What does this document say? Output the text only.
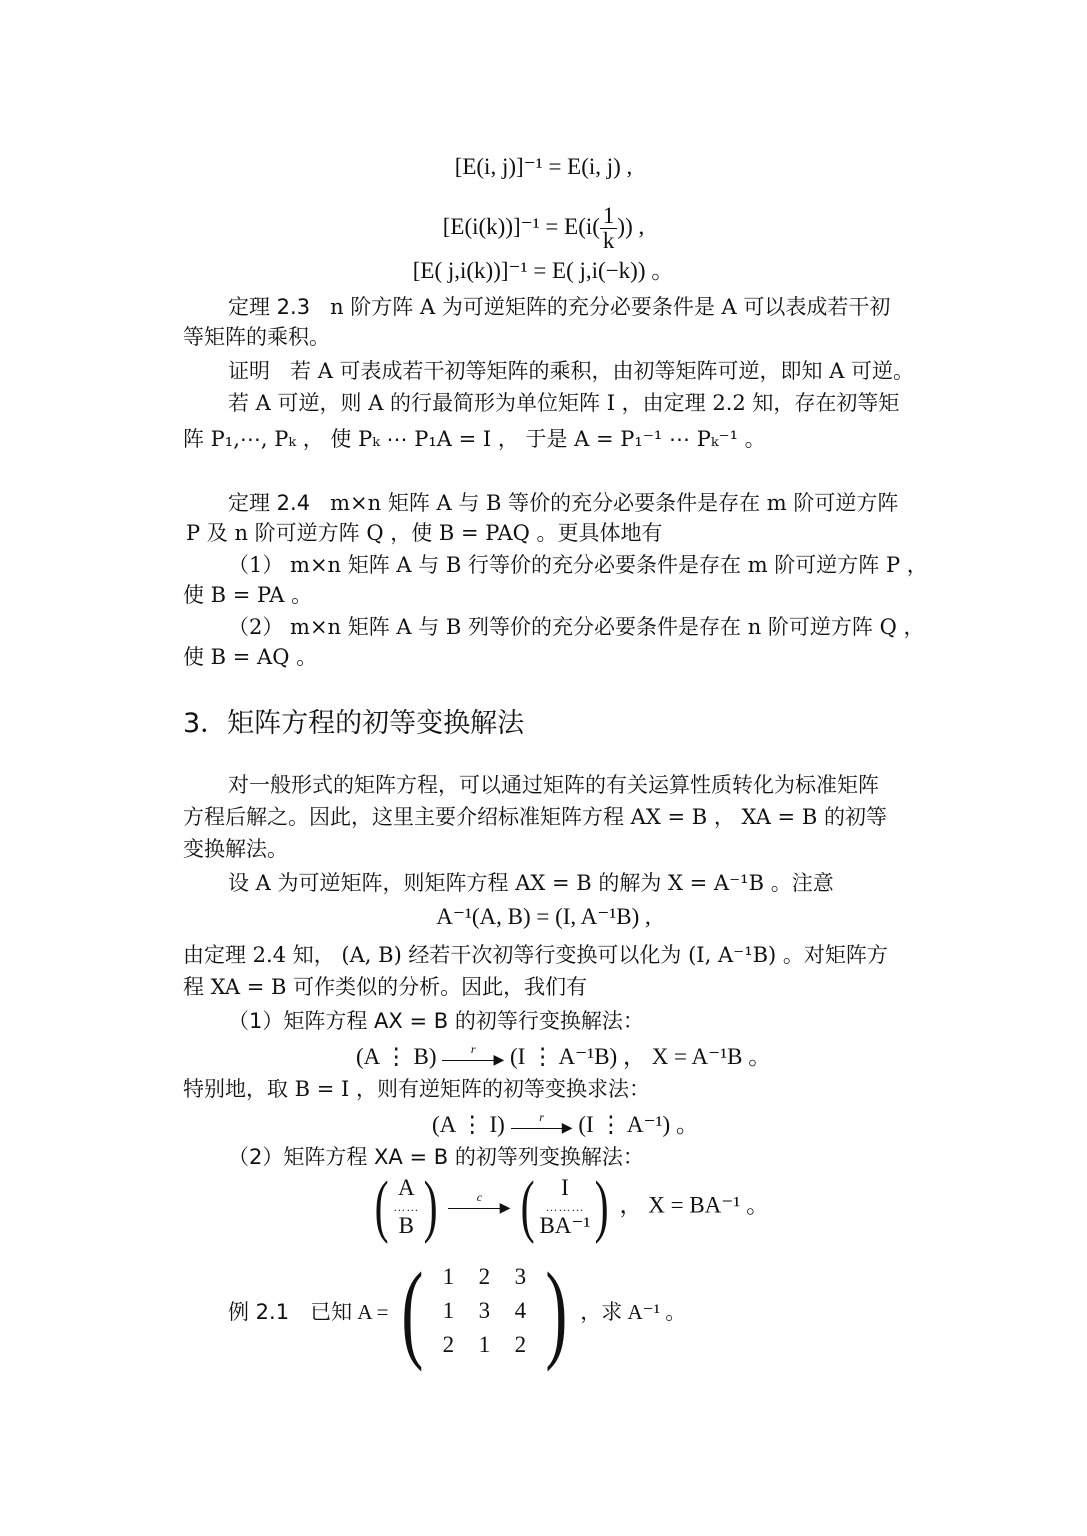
[E(i, j)]⁻¹ = E(i, j) ,
$[E(i(k))]^{-1} = E(i( \frac{1}{k}$ )) ,
[E( j,i(k))]⁻¹ = E( j,i(−k)) 。
定理 2.3 n 阶方阵 A 为可逆矩阵的充分必要条件是 A 可以表成若干初
等矩阵的乘积。
证明 若 A 可表成若干初等矩阵的乘积，由初等矩阵可逆，即知 A 可逆。
若 A 可逆，则 A 的行最简形为单位矩阵 I ，由定理 2.2 知，存在初等矩
阵 P₁,⋯, Pₖ ， 使 Pₖ ⋯ P₁A = I ， 于是 A = P₁⁻¹ ⋯ Pₖ⁻¹ 。
定理 2.4 m×n 矩阵 A 与 B 等价的充分必要条件是存在 m 阶可逆方阵
P 及 n 阶可逆方阵 Q ，使 B = PAQ 。更具体地有
（1） m×n 矩阵 A 与 B 行等价的充分必要条件是存在 m 阶可逆方阵 P ，
使 B = PA 。
（2） m×n 矩阵 A 与 B 列等价的充分必要条件是存在 n 阶可逆方阵 Q ，
使 B = AQ 。
3．矩阵方程的初等变换解法
对一般形式的矩阵方程，可以通过矩阵的有关运算性质转化为标准矩阵
方程后解之。因此，这里主要介绍标准矩阵方程 AX = B ， XA = B 的初等
变换解法。
设 A 为可逆矩阵，则矩阵方程 AX = B 的解为 X = A⁻¹B 。注意
A⁻¹(A, B) = (I, A⁻¹B) ,
由定理 2.4 知， (A, B) 经若干次初等行变换可以化为 (I, A⁻¹B) 。对矩阵方
程 XA = B 可作类似的分析。因此，我们有
（1）矩阵方程 AX = B 的初等行变换解法：
(A ⋮ B)	r
▶ (I ⋮ A⁻¹B) ， X = A⁻¹B 。
特别地，取 B = I ，则有逆矩阵的初等变换求法：
(A ⋮ I)	r
▶ (I ⋮ A⁻¹) 。
（2）矩阵方程 XA = B 的初等列变换解法：
( A
……
B )	c
▶ ( I
………
BA⁻¹) ， X = BA⁻¹ 。
例 2.1 已知 A = ( 1 2 3
1 3 4
2 1 2 ) ，求 A⁻¹ 。
